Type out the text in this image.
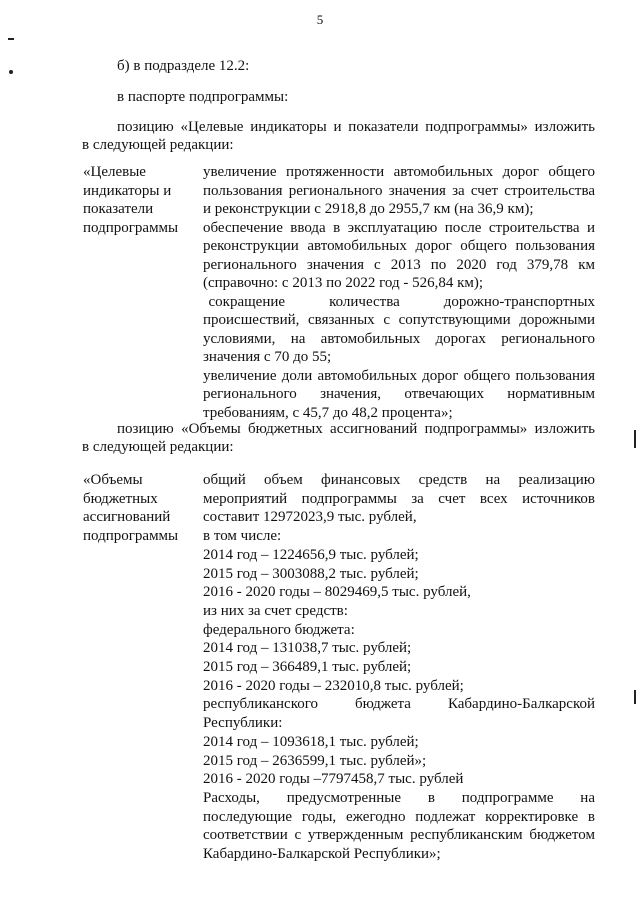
5

б) в подразделе 12.2:

в паспорте подпрограммы:

позицию «Целевые индикаторы и показатели подпрограммы» изложить

в следующей редакции:

«Целевые
индикаторы и
показатели
подпрограммы
увеличение протяженности автомобильных дорог общего
пользования регионального значения за счет строительства
и реконструкции с 2918,8 до 2955,7 км (на 36,9 км);
обеспечение ввода в эксплуатацию после строительства и
реконструкции автомобильных дорог общего пользования
регионального значения с 2013 по 2020 год 379,78 км
(справочно: с 2013 по 2022 год - 526,84 км);
сокращение        количества        дорожно-транспортных
происшествий, связанных с сопутствующими дорожными
условиями, на автомобильных дорогах регионального
значения с 70 до 55;
увеличение доли автомобильных дорог общего пользования
регионального     значения,     отвечающих     нормативным
требованиям, с 45,7 до 48,2 процента»;
позицию «Объемы бюджетных ассигнований подпрограммы» изложить

в следующей редакции:

«Объемы
бюджетных
ассигнований
подпрограммы
общий   объем   финансовых   средств   на   реализацию
мероприятий  подпрограммы  за  счет  всех  источников
составит 12972023,9 тыс. рублей,
в том числе:
2014 год – 1224656,9 тыс. рублей;
2015 год – 3003088,2 тыс. рублей;
2016 - 2020 годы – 8029469,5 тыс. рублей,
из них за счет средств:
федерального бюджета:
2014 год – 131038,7 тыс. рублей;
2015 год – 366489,1 тыс. рублей;
2016 - 2020 годы – 232010,8 тыс. рублей;
республиканского       бюджета       Кабардино-Балкарской
Республики:
2014 год – 1093618,1 тыс. рублей;
2015 год – 2636599,1 тыс. рублей»;
2016 - 2020 годы –7797458,7 тыс. рублей
Расходы,      предусмотренные      в      подпрограмме      на
последующие годы, ежегодно подлежат корректировке в
соответствии с утвержденным республиканским бюджетом
Кабардино-Балкарской Республики»;
